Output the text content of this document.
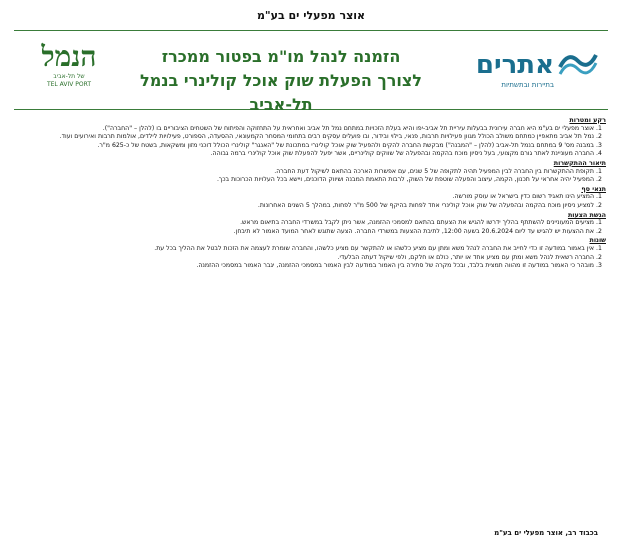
אוצר מפעלי ים בע"מ
אתרים
בתיירות ובתשתיות
הזמנה לנהל מו"מ בפטור ממכרז
לצורך הפעלת שוק אוכל קולינרי בנמל תל-אביב
הנמל
של תל-אביב
TEL AVIV PORT
רקע ומטרות
1. אוצר מפעלי ים בע"מ היא חברה עירונית בבעלות עיריית תל אביב-יפו והיא בעלת הזכויות במתחם נמל תל אביב ואחראית על התחזוקה והפיתוח של השטחים הציבוריים בו (להלן – "החברה").
2. נמל תל אביב מתאפיין כמתחם משולב הכולל מגוון פעילויות תרבות, פנאי, בילוי ובידור, ובו פועלים עסקים רבים בתחומי המסחר הקמעונאי, ההסעדה, הספורט, פעילויות לילדים, אולמות תרבות ואירועים ועוד.
3. במבנה מס' 9 במתחם בנמל תל-אביב (להלן – "המבנה") מבקשת החברה להקים ולהפעיל שוק אוכל קולינרי במתכונת של "האנגר" קולינרי הכולל דוכני מזון ומשקאות, בשטח של כ-625 מ"ר.
4. החברה מעוניינת לאתר גורם מקצועי, בעל ניסיון מוכח בהקמה ובהפעלה של שווקים קולינריים, אשר יפעל להפעלת שוק אוכל קולינרי ברמה גבוהה.
תיאור ההתקשרות
1. תקופת ההתקשרות בין החברה לבין המפעיל תהיה לתקופה של 5 שנים, עם אפשרות הארכה בהתאם לשיקול דעת החברה.
2. המפעיל יהיה אחראי על תכנון, הקמה, עיצוב והפעלה שוטפת של השוק, לרבות התאמת המבנה ושיווק הדוכנים, ויישא בכל העלויות הכרוכות בכך.
תנאי סף
1. המציע הינו תאגיד רשום כדין בישראל או עוסק מורשה.
2. למציע ניסיון מוכח בהקמה ובהפעלה של שוק אוכל קולינרי אחד לפחות בהיקף של 500 מ"ר לפחות, במהלך 5 השנים האחרונות.
הגשת הצעות
1. מציעים המעוניינים להשתתף בהליך ידרשו להגיש את הצעתם בהתאם למסמכי ההזמנה, אשר ניתן לקבל במשרדי החברה בתיאום מראש.
2. את ההצעות יש להגיש עד ליום 20.6.2024 בשעה 12:00, לתיבת ההצעות במשרדי החברה. הצעה שתוגש לאחר המועד האמור לא תיבחן.
שונות
1. אין באמור במודעה זו כדי לחייב את החברה לנהל משא ומתן עם מציע כלשהו או להתקשר עם מציע כלשהו, והחברה שומרת לעצמה את הזכות לבטל את ההליך בכל עת.
2. החברה רשאית לנהל משא ומתן עם מציע אחד או יותר, כולם או חלקם, ולפי שיקול דעתה הבלעדי.
3. מובהר כי האמור במודעה זו מהווה תמצית בלבד, ובכל מקרה של סתירה בין האמור במודעה לבין האמור במסמכי ההזמנה, יגבר האמור במסמכי ההזמנה.
בכבוד רב, אוצר מפעלי ים בע"מ
